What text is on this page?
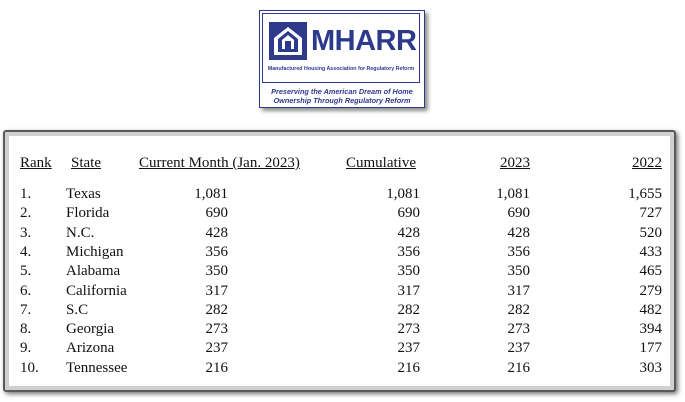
MHARR
Manufactured Housing Association for Regulatory Reform
Preserving the American Dream of Home
Ownership Through Regulatory Reform
Rank State	Current Month (Jan. 2023)	Cumulative	2023	2022
1. Texas	1,081	1,081	1,081	1,655
2. Florida	690	690	690	727
3. N.C.	428	428	428	520
4. Michigan	356	356	356	433
5. Alabama	350	350	350	465
6. California	317	317	317	279
7. S.C	282	282	282	482
8. Georgia	273	273	273	394
9. Arizona	237	237	237	177
10. Tennessee	216	216	216	303
